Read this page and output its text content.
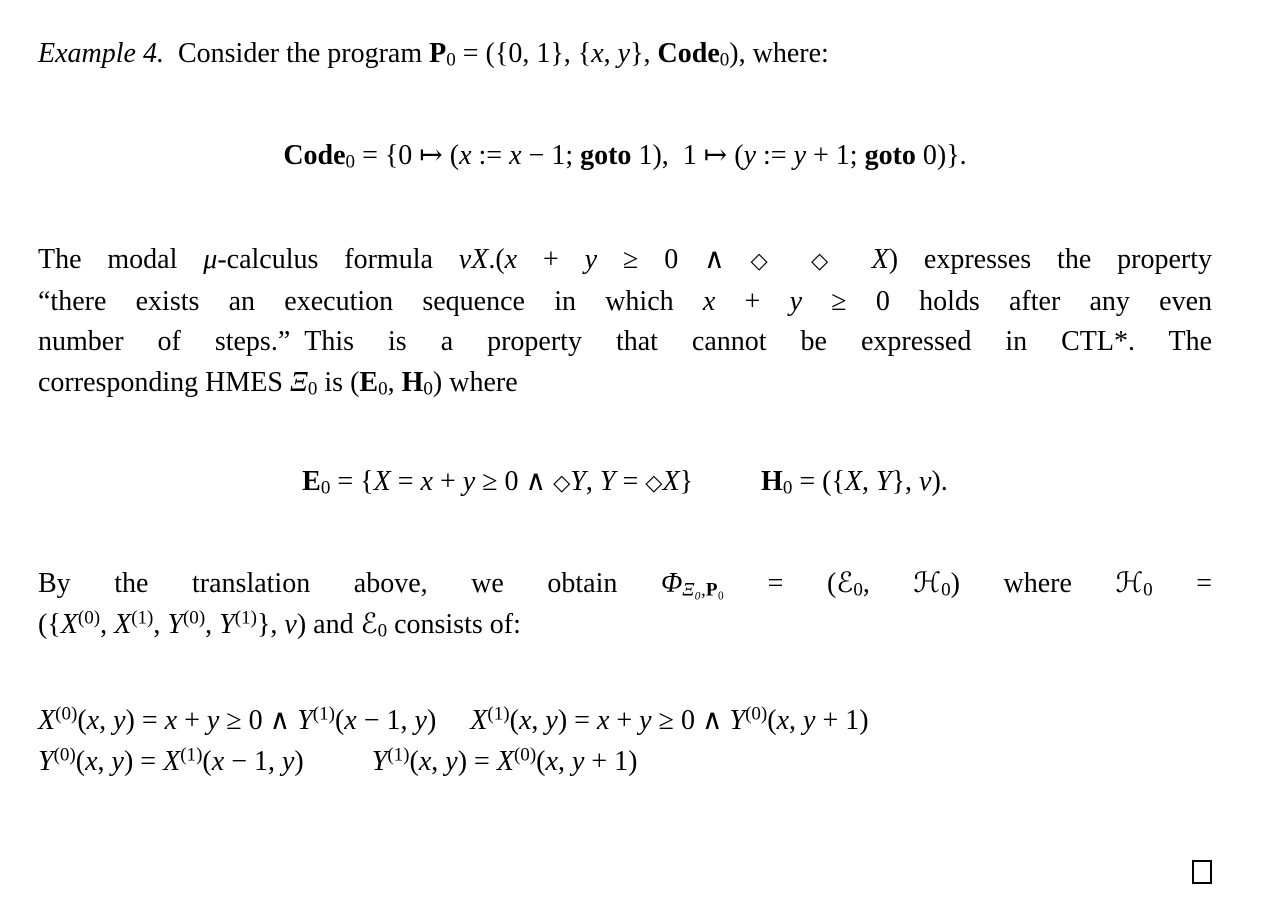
Example 4. Consider the program P0 = ({0, 1}, {x, y}, Code0), where:
Code0 = {0 ↦ (x := x − 1; goto 1), 1 ↦ (y := y + 1; goto 0)}.
The modal μ-calculus formula νX.(x + y ≥ 0 ∧ ◇ ◇ X) expresses the property
“there exists an execution sequence in which x + y ≥ 0 holds after any even
number of steps.” This is a property that cannot be expressed in CTL*. The
corresponding HMES Ξ0 is (E0, H0) where
E0 = {X = x + y ≥ 0 ∧ ◇Y, Y = ◇X} H0 = ({X, Y}, ν).
By the translation above, we obtain ΦΞ₀,P₀ = (ℰ0, ℋ0) where ℋ0 =
({$X^{(0)}$, $X^{(1)}$, $Y^{(0)}$, $Y^{(1)}$}, ν) and ℰ0 consists of:
$X^{(0)}(x$, y) = x + y ≥ 0 ∧ $Y^{(1)}(x - 1$, y) $X^{(1)}(x$, y) = x + y ≥ 0 ∧ $Y^{(0)}(x$, y + 1)
$Y^{(0)}(x$, $y) = X^{(1)}(x - 1$, y) $Y^{(1)}(x$, $y) = X^{(0)}(x$, y + 1)
